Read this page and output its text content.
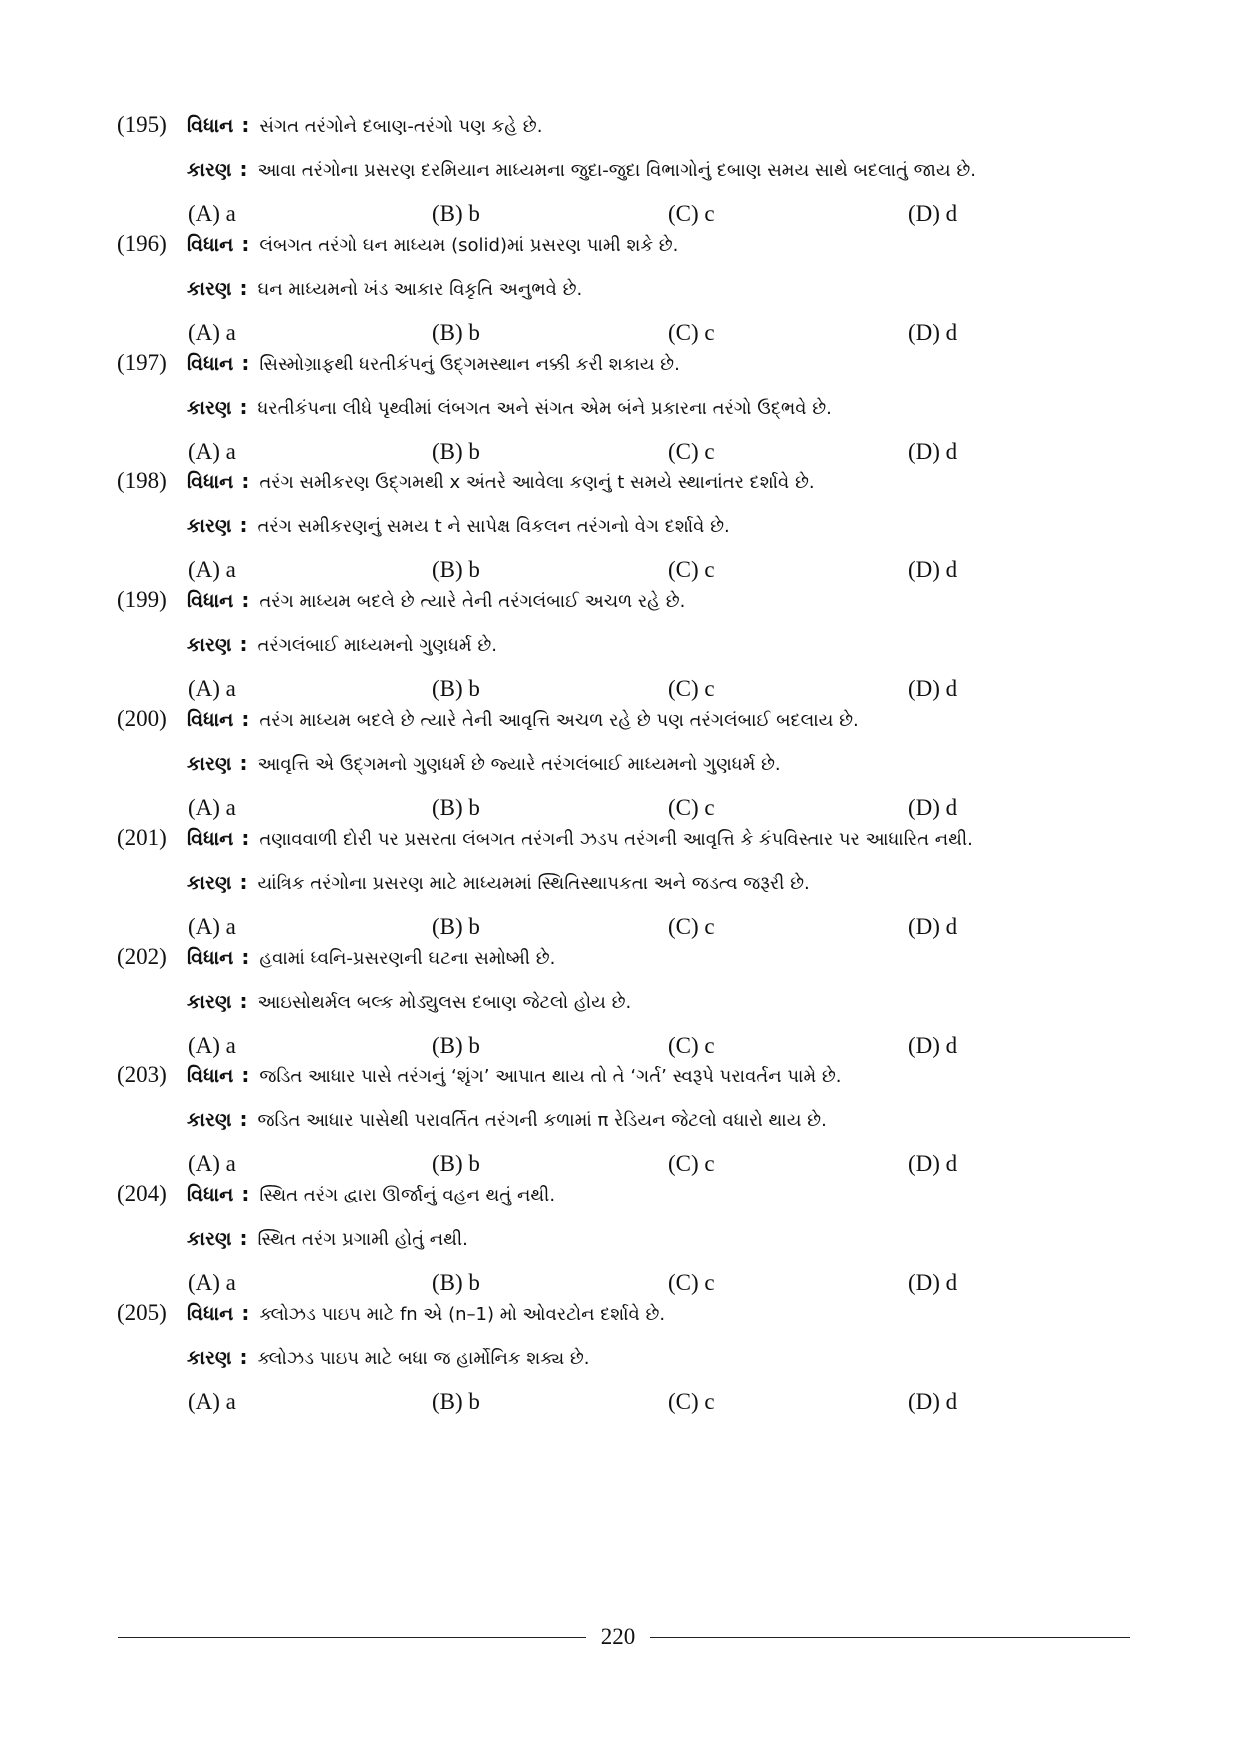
(195) વિધાન : સંગત તરંગોને દબાણ-તરંગો પણ કહે છે.
કારણ : આવા તરંગોના પ્રસરણ દરમિયાન માધ્યમના જુદા-જુદા વિભાગોનું દબાણ સમય સાથે બદલાતું જાય છે.
(A) a	(B) b	(C) c	(D) d
(196) વિધાન : લંબગત તરંગો ઘન માધ્યમ (solid)માં પ્રસરણ પામી શકે છે.
કારણ : ઘન માધ્યમનો ખંડ આકાર વિકૃતિ અનુભવે છે.
(A) a	(B) b	(C) c	(D) d
(197) વિધાન : સિસ્મોગ્રાફથી ધરતીકંપનું ઉદ્ગમસ્થાન નક્કી કરી શકાય છે.
કારણ : ધરતીકંપના લીધે પૃથ્વીમાં લંબગત અને સંગત એમ બંને પ્રકારના તરંગો ઉદ્ભવે છે.
(A) a	(B) b	(C) c	(D) d
(198) વિધાન : તરંગ સમીકરણ ઉદ્ગમથી x અંતરે આવેલા કણનું t સમયે સ્થાનાંતર દર્શાવે છે.
કારણ : તરંગ સમીકરણનું સમય t ને સાપેક્ષ વિકલન તરંગનો વેગ દર્શાવે છે.
(A) a	(B) b	(C) c	(D) d
(199) વિધાન : તરંગ માધ્યમ બદલે છે ત્યારે તેની તરંગલંબાઈ અચળ રહે છે.
કારણ : તરંગલંબાઈ માધ્યમનો ગુણધર્મ છે.
(A) a	(B) b	(C) c	(D) d
(200) વિધાન : તરંગ માધ્યમ બદલે છે ત્યારે તેની આવૃત્તિ અચળ રહે છે પણ તરંગલંબાઈ બદલાય છે.
કારણ : આવૃત્તિ એ ઉદ્ગમનો ગુણધર્મ છે જ્યારે તરંગલંબાઈ માધ્યમનો ગુણધર્મ છે.
(A) a	(B) b	(C) c	(D) d
(201) વિધાન : તણાવવાળી દોરી પર પ્રસરતા લંબગત તરંગની ઝડપ તરંગની આવૃત્તિ કે કંપવિસ્તાર પર આધારિત નથી.
કારણ : યાંત્રિક તરંગોના પ્રસરણ માટે માધ્યમમાં સ્થિતિસ્થાપકતા અને જડત્વ જરૂરી છે.
(A) a	(B) b	(C) c	(D) d
(202) વિધાન : હવામાં ધ્વનિ-પ્રસરણની ઘટના સમોષ્મી છે.
કારણ : આઇસોથર્મલ બલ્ક મોડ્યુલસ દબાણ જેટલો હોય છે.
(A) a	(B) b	(C) c	(D) d
(203) વિધાન : જડિત આધાર પાસે તરંગનું ‘શૃંગ’ આપાત થાય તો તે ‘ગર્ત’ સ્વરૂપે પરાવર્તન પામે છે.
કારણ : જડિત આધાર પાસેથી પરાવર્તિત તરંગની કળામાં π રેડિયન જેટલો વધારો થાય છે.
(A) a	(B) b	(C) c	(D) d
(204) વિધાન : સ્થિત તરંગ દ્વારા ઊર્જાનું વહન થતું નથી.
કારણ : સ્થિત તરંગ પ્રગામી હોતું નથી.
(A) a	(B) b	(C) c	(D) d
(205) વિધાન : ક્લોઝડ પાઇપ માટે fn એ (n–1) મો ઓવરટોન દર્શાવે છે.
કારણ : ક્લોઝડ પાઇપ માટે બધા જ હાર્મોનિક શક્ય છે.
(A) a	(B) b	(C) c	(D) d
220
